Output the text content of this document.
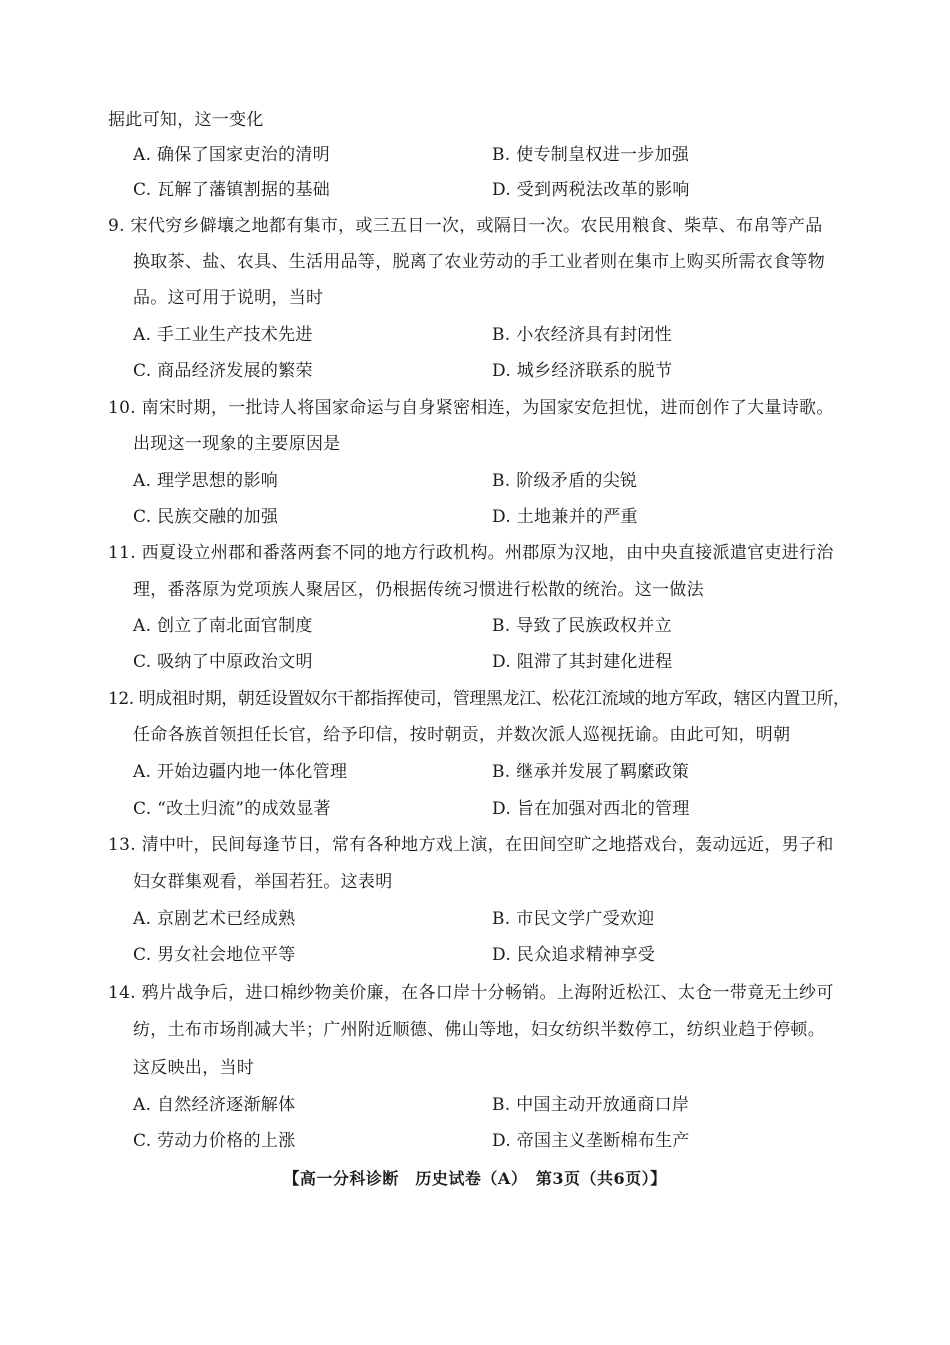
据此可知，这一变化
A. 确保了国家吏治的清明	B. 使专制皇权进一步加强
C. 瓦解了藩镇割据的基础	D. 受到两税法改革的影响
9. 宋代穷乡僻壤之地都有集市，或三五日一次，或隔日一次。农民用粮食、柴草、布帛等产品
换取茶、盐、农具、生活用品等，脱离了农业劳动的手工业者则在集市上购买所需衣食等物
品。这可用于说明，当时
A. 手工业生产技术先进	B. 小农经济具有封闭性
C. 商品经济发展的繁荣	D. 城乡经济联系的脱节
10. 南宋时期，一批诗人将国家命运与自身紧密相连，为国家安危担忧，进而创作了大量诗歌。
出现这一现象的主要原因是
A. 理学思想的影响	B. 阶级矛盾的尖锐
C. 民族交融的加强	D. 土地兼并的严重
11. 西夏设立州郡和番落两套不同的地方行政机构。州郡原为汉地，由中央直接派遣官吏进行治
理，番落原为党项族人聚居区，仍根据传统习惯进行松散的统治。这一做法
A. 创立了南北面官制度	B. 导致了民族政权并立
C. 吸纳了中原政治文明	D. 阻滞了其封建化进程
12. 明成祖时期，朝廷设置奴尔干都指挥使司，管理黑龙江、松花江流域的地方军政，辖区内置卫所，
任命各族首领担任长官，给予印信，按时朝贡，并数次派人巡视抚谕。由此可知，明朝
A. 开始边疆内地一体化管理	B. 继承并发展了羁縻政策
C. “改土归流”的成效显著	D. 旨在加强对西北的管理
13. 清中叶，民间每逢节日，常有各种地方戏上演，在田间空旷之地搭戏台，轰动远近，男子和
妇女群集观看，举国若狂。这表明
A. 京剧艺术已经成熟	B. 市民文学广受欢迎
C. 男女社会地位平等	D. 民众追求精神享受
14. 鸦片战争后，进口棉纱物美价廉，在各口岸十分畅销。上海附近松江、太仓一带竟无土纱可
纺，土布市场削减大半；广州附近顺德、佛山等地，妇女纺织半数停工，纺织业趋于停顿。
这反映出，当时
A. 自然经济逐渐解体	B. 中国主动开放通商口岸
C. 劳动力价格的上涨	D. 帝国主义垄断棉布生产
【高一分科诊断　历史试卷（A）　第3页（共6页）】
